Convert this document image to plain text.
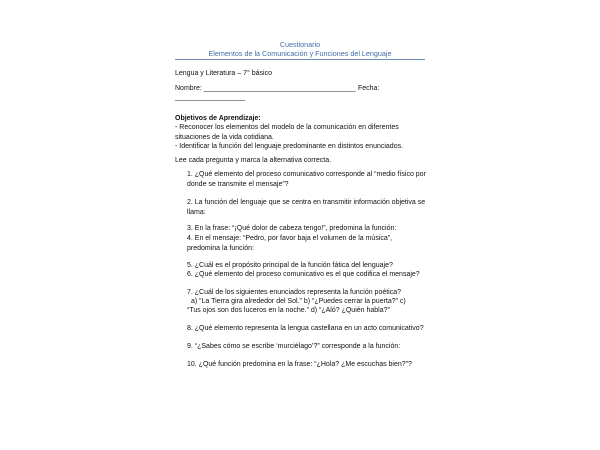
Cuestionario
Elementos de la Comunicación y Funciones del Lenguaje
Lengua y Literatura – 7° básico
Nombre: _______________________________________ Fecha:
__________________
Objetivos de Aprendizaje:
- Reconocer los elementos del modelo de la comunicación en diferentes situaciones de la vida cotidiana.
- Identificar la función del lenguaje predominante en distintos enunciados.
Lee cada pregunta y marca la alternativa correcta.
1. ¿Qué elemento del proceso comunicativo corresponde al “medio físico por donde se transmite el mensaje”?
2. La función del lenguaje que se centra en transmitir información objetiva se llama:
3. En la frase: “¡Qué dolor de cabeza tengo!”, predomina la función:
4. En el mensaje: “Pedro, por favor baja el volumen de la música”, predomina la función:
5. ¿Cuál es el propósito principal de la función fática del lenguaje?
6. ¿Qué elemento del proceso comunicativo es el que codifica el mensaje?
7. ¿Cuál de los siguientes enunciados representa la función poética?
a) “La Tierra gira alrededor del Sol.” b) “¿Puedes cerrar la puerta?” c)
“Tus ojos son dos luceros en la noche.” d) “¿Aló? ¿Quién habla?”
8. ¿Qué elemento representa la lengua castellana en un acto comunicativo?
9. “¿Sabes cómo se escribe ‘murciélago’?” corresponde a la función:
10. ¿Qué función predomina en la frase: “¿Hola? ¿Me escuchas bien?”?
